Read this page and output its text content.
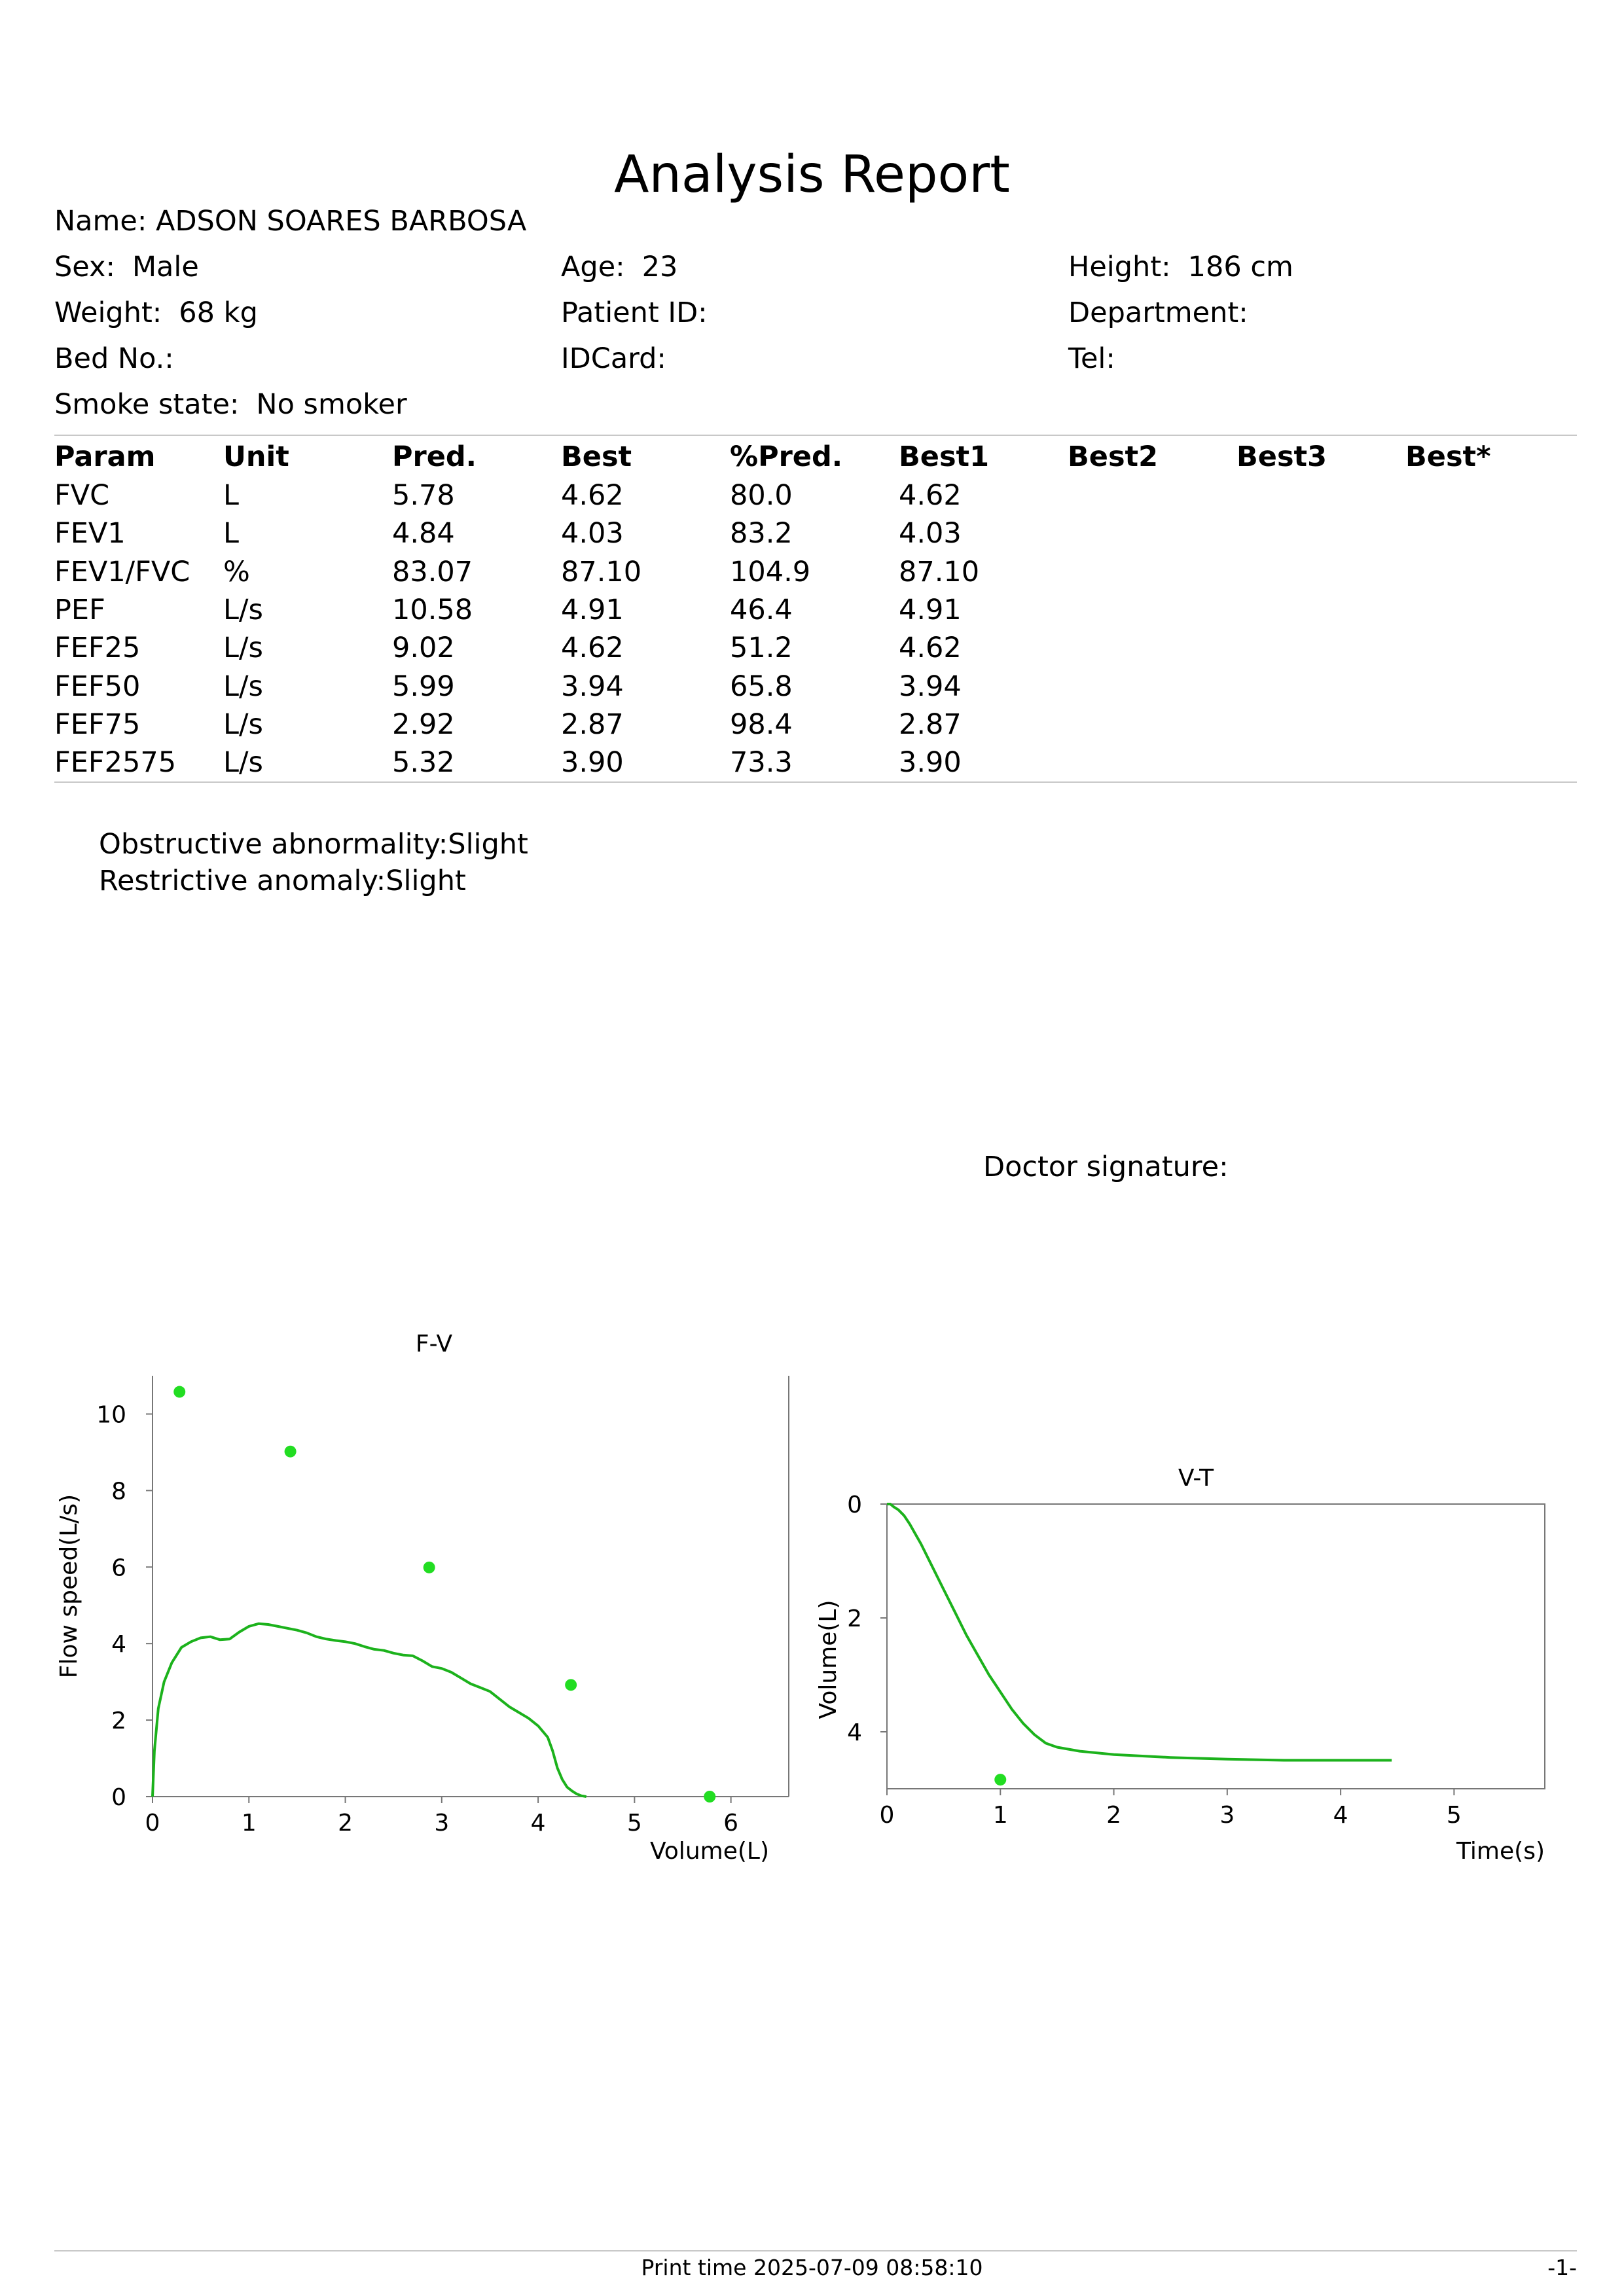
Analysis Report
Name: ADSON SOARES BARBOSA
Sex: Male	Age: 23	Height: 186 cm
Weight: 68 kg	Patient ID:	Department:
Bed No.:	IDCard:	Tel:
Smoke state: No smoker
Param	Unit	Pred.	Best	%Pred.	Best1	Best2	Best3	Best*
FVC	L	5.78	4.62	80.0	4.62			
FEV1	L	4.84	4.03	83.2	4.03			
FEV1/FVC	%	83.07	87.10	104.9	87.10			
PEF	L/s	10.58	4.91	46.4	4.91			
FEF25	L/s	9.02	4.62	51.2	4.62			
FEF50	L/s	5.99	3.94	65.8	3.94			
FEF75	L/s	2.92	2.87	98.4	2.87			
FEF2575	L/s	5.32	3.90	73.3	3.90			
Obstructive abnormality:Slight
Restrictive anomaly:Slight
Doctor signature:
F-V
0	1	2	3	4	5	6
0
2
4
6
8
10
Volume(L)
Flow speed(L/s)
V-T
0	1	2	3	4	5
0
2
4
Time(s)
Volume(L)
Print time 2025-07-09 08:58:10	-1-
